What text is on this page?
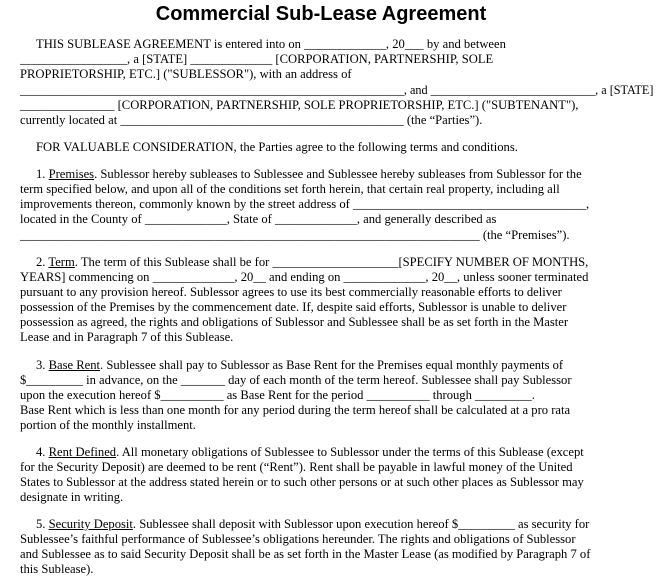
Commercial Sub-Lease Agreement
THIS SUBLEASE AGREEMENT is entered into on _____________, 20___ by and between
_________________, a [STATE] _____________ [CORPORATION, PARTNERSHIP, SOLE
PROPRIETORSHIP, ETC.] ("SUBLESSOR"), with an address of
_______________________________________________________________, and ___________________________, a [STATE]
_______________ [CORPORATION, PARTNERSHIP, SOLE PROPRIETORSHIP, ETC.] ("SUBTENANT"),
currently located at _____________________________________________ (the “Parties”).
FOR VALUABLE CONSIDERATION, the Parties agree to the following terms and conditions.
1. Premises. Sublessor hereby subleases to Sublessee and Sublessee hereby subleases from Sublessor for the
term specified below, and upon all of the conditions set forth herein, that certain real property, including all
improvements thereon, commonly known by the street address of _____________________________________,
located in the County of _____________, State of _____________, and generally described as
_________________________________________________________________________ (the “Premises”).
2. Term. The term of this Sublease shall be for ____________________[SPECIFY NUMBER OF MONTHS,
YEARS] commencing on _____________, 20__ and ending on _____________, 20__, unless sooner terminated
pursuant to any provision hereof. Sublessor agrees to use its best commercially reasonable efforts to deliver
possession of the Premises by the commencement date. If, despite said efforts, Sublessor is unable to deliver
possession as agreed, the rights and obligations of Sublessor and Sublessee shall be as set forth in the Master
Lease and in Paragraph 7 of this Sublease.
3. Base Rent. Sublessee shall pay to Sublessor as Base Rent for the Premises equal monthly payments of
$_________ in advance, on the _______ day of each month of the term hereof. Sublessee shall pay Sublessor
upon the execution hereof $__________ as Base Rent for the period __________ through _________.
Base Rent which is less than one month for any period during the term hereof shall be calculated at a pro rata
portion of the monthly installment.
4. Rent Defined. All monetary obligations of Sublessee to Sublessor under the terms of this Sublease (except
for the Security Deposit) are deemed to be rent (“Rent”). Rent shall be payable in lawful money of the United
States to Sublessor at the address stated herein or to such other persons or at such other places as Sublessor may
designate in writing.
5. Security Deposit. Sublessee shall deposit with Sublessor upon execution hereof $_________ as security for
Sublessee’s faithful performance of Sublessee’s obligations hereunder. The rights and obligations of Sublessor
and Sublessee as to said Security Deposit shall be as set forth in the Master Lease (as modified by Paragraph 7 of
this Sublease).
